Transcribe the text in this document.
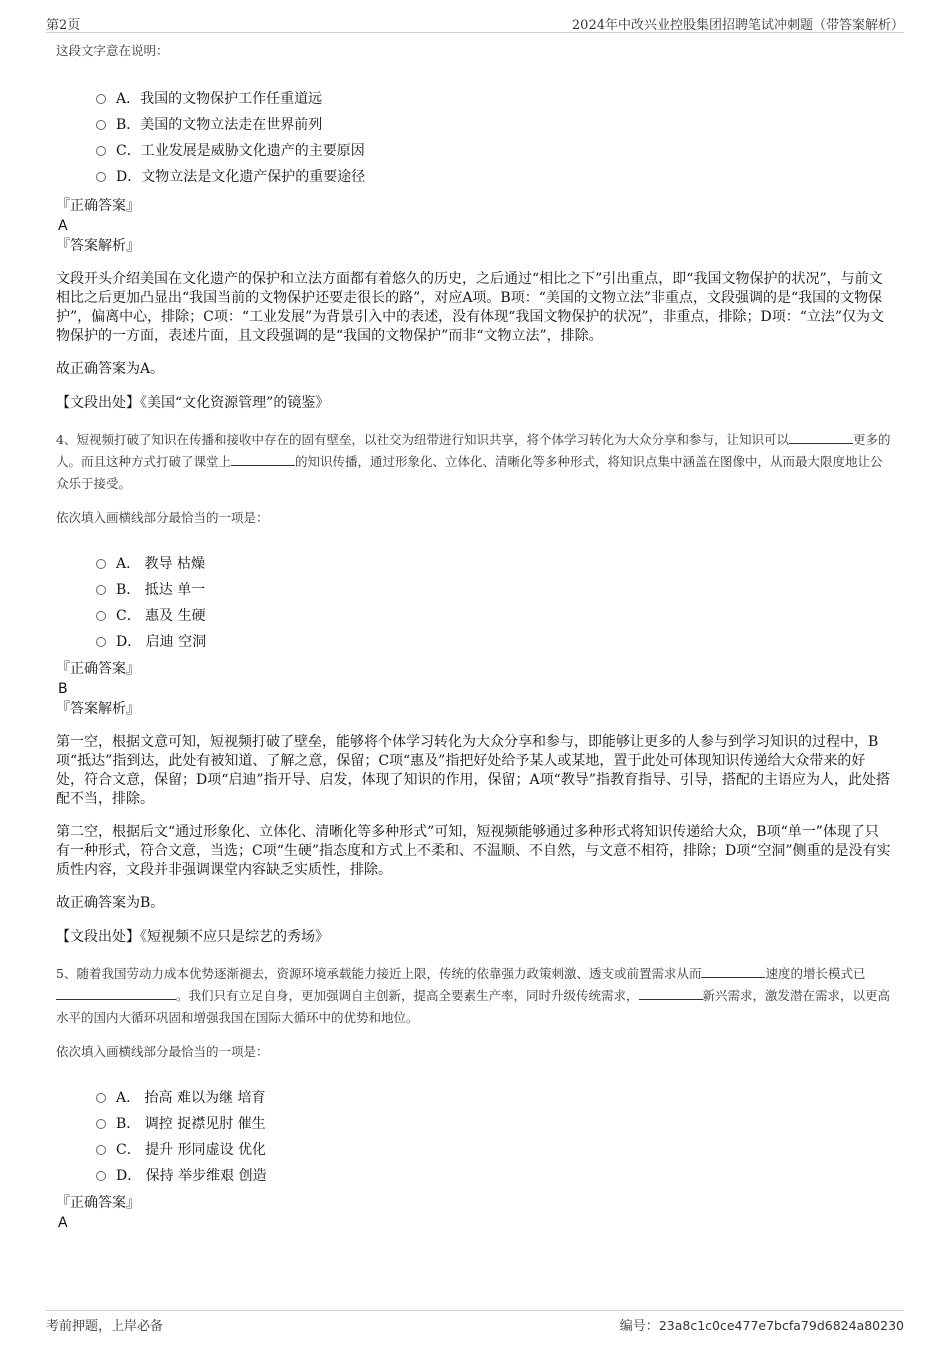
第2页	2024年中改兴业控股集团招聘笔试冲刺题（带答案解析）
这段文字意在说明：
A．我国的文物保护工作任重道远
B．美国的文物立法走在世界前列
C．工业发展是威胁文化遗产的主要原因
D．文物立法是文化遗产保护的重要途径
『正确答案』
A
『答案解析』
文段开头介绍美国在文化遗产的保护和立法方面都有着悠久的历史，之后通过“相比之下”引出重点，即“我国文物保护的状况”，与前文相比之后更加凸显出“我国当前的文物保护还要走很长的路”，对应A项。B项：“美国的文物立法”非重点，文段强调的是“我国的文物保护”，偏离中心，排除；C项：“工业发展”为背景引入中的表述，没有体现“我国文物保护的状况”，非重点，排除；D项：“立法”仅为文物保护的一方面，表述片面，且文段强调的是“我国的文物保护”而非“文物立法”，排除。
故正确答案为A。
【文段出处】《美国“文化资源管理”的镜鉴》
4、短视频打破了知识在传播和接收中存在的固有壁垒，以社交为纽带进行知识共享，将个体学习转化为大众分享和参与，让知识可以	更多的人。而且这种方式打破了课堂上	的知识传播，通过形象化、立体化、清晰化等多种形式，将知识点集中涵盖在图像中，从而最大限度地让公众乐于接受。
依次填入画横线部分最恰当的一项是：
A． 教导 枯燥
B． 抵达 单一
C． 惠及 生硬
D． 启迪 空洞
『正确答案』
B
『答案解析』
第一空，根据文意可知，短视频打破了壁垒，能够将个体学习转化为大众分享和参与，即能够让更多的人参与到学习知识的过程中，B项“抵达”指到达，此处有被知道、了解之意，保留；C项“惠及”指把好处给予某人或某地，置于此处可体现知识传递给大众带来的好处，符合文意，保留；D项“启迪”指开导、启发，体现了知识的作用，保留；A项“教导”指教育指导、引导，搭配的主语应为人，此处搭配不当，排除。
第二空，根据后文“通过形象化、立体化、清晰化等多种形式”可知，短视频能够通过多种形式将知识传递给大众，B项“单一”体现了只有一种形式，符合文意，当选；C项“生硬”指态度和方式上不柔和、不温顺、不自然，与文意不相符，排除；D项“空洞”侧重的是没有实质性内容，文段并非强调课堂内容缺乏实质性，排除。
故正确答案为B。
【文段出处】《短视频不应只是综艺的秀场》
5、随着我国劳动力成本优势逐渐褪去，资源环境承载能力接近上限，传统的依靠强力政策刺激、透支或前置需求从而	速度的增长模式已。我们只有立足自身，更加强调自主创新，提高全要素生产率，同时升级传统需求，	新兴需求，激发潜在需求，以更高水平的国内大循环巩固和增强我国在国际大循环中的优势和地位。
依次填入画横线部分最恰当的一项是：
A． 抬高 难以为继 培育
B． 调控 捉襟见肘 催生
C． 提升 形同虚设 优化
D． 保持 举步维艰 创造
『正确答案』
A
考前押题，上岸必备	编号：23a8c1c0ce477e7bcfa79d6824a80230
